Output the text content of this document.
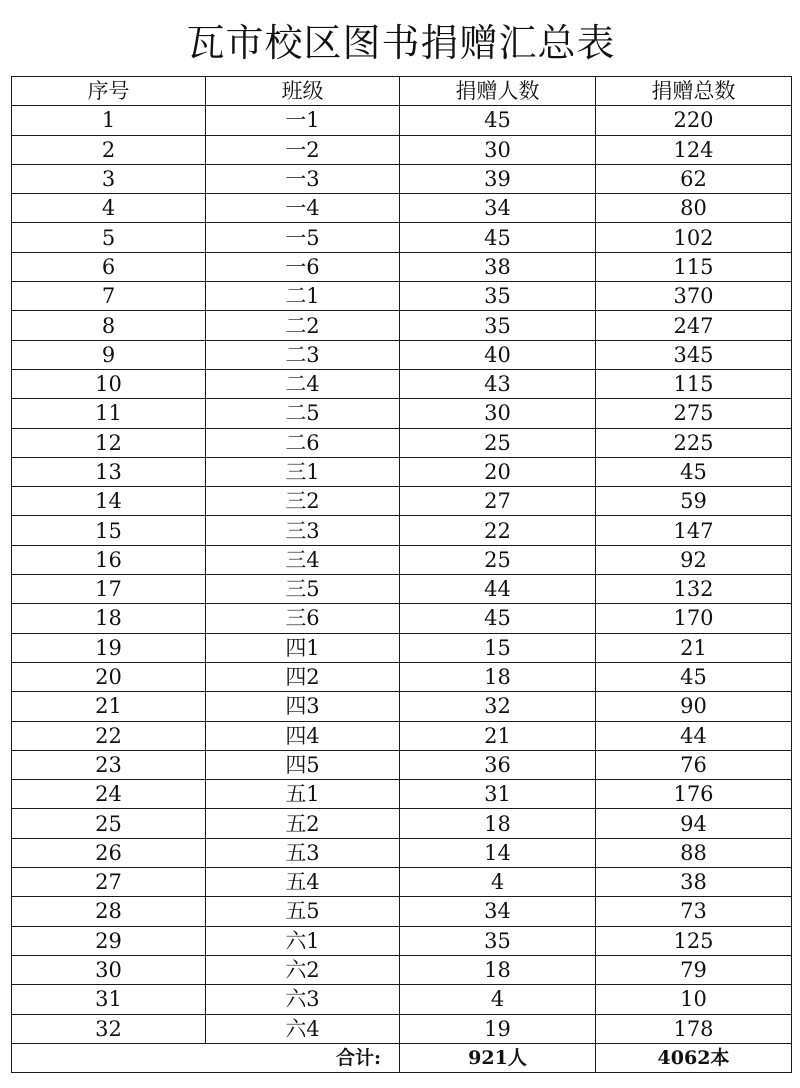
瓦市校区图书捐赠汇总表
序号	班级	捐赠人数	捐赠总数
1	一1	45	220
2	一2	30	124
3	一3	39	62
4	一4	34	80
5	一5	45	102
6	一6	38	115
7	二1	35	370
8	二2	35	247
9	二3	40	345
10	二4	43	115
11	二5	30	275
12	二6	25	225
13	三1	20	45
14	三2	27	59
15	三3	22	147
16	三4	25	92
17	三5	44	132
18	三6	45	170
19	四1	15	21
20	四2	18	45
21	四3	32	90
22	四4	21	44
23	四5	36	76
24	五1	31	176
25	五2	18	94
26	五3	14	88
27	五4	4	38
28	五5	34	73
29	六1	35	125
30	六2	18	79
31	六3	4	10
32	六4	19	178
	合计:	921人	4062本
